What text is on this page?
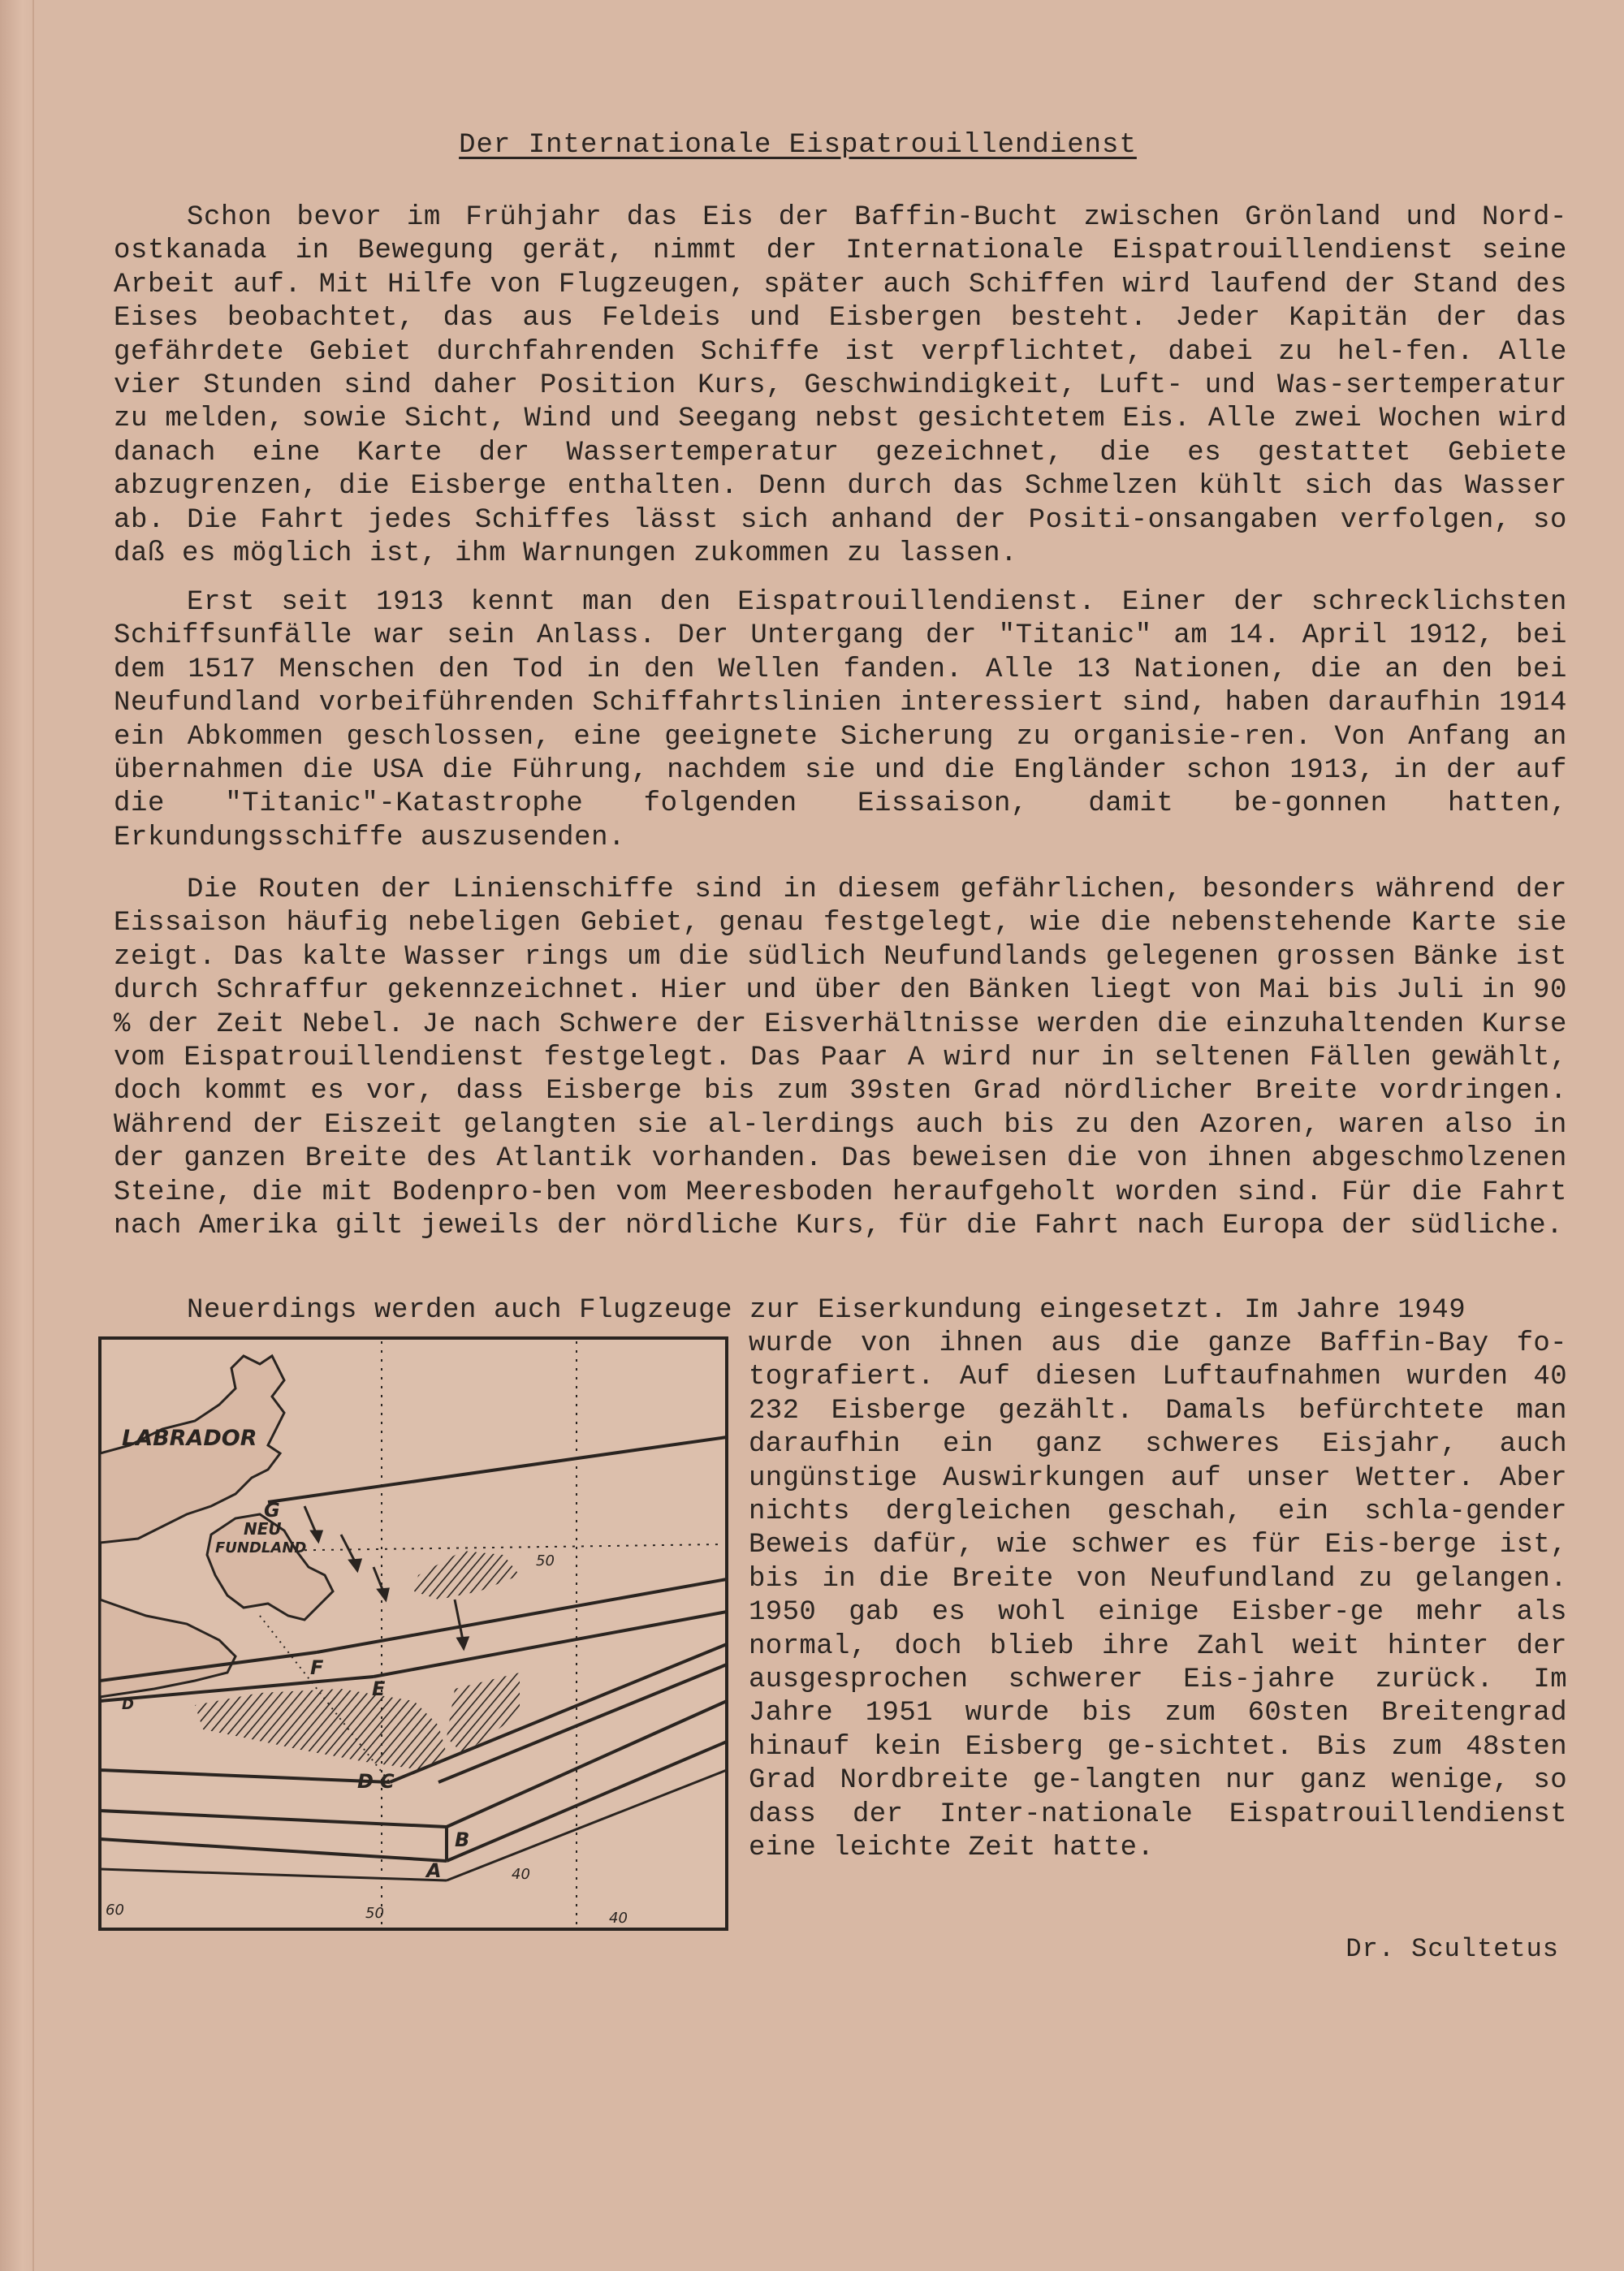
Der Internationale Eispatrouillendienst

Schon bevor im Frühjahr das Eis der Baffin-Bucht zwischen Grönland und Nord-ostkanada in Bewegung gerät, nimmt der Internationale Eispatrouillendienst seine Arbeit auf. Mit Hilfe von Flugzeugen, später auch Schiffen wird laufend der Stand des Eises beobachtet, das aus Feldeis und Eisbergen besteht. Jeder Kapitän der das gefährdete Gebiet durchfahrenden Schiffe ist verpflichtet, dabei zu hel-fen. Alle vier Stunden sind daher Position Kurs, Geschwindigkeit, Luft- und Was-sertemperatur zu melden, sowie Sicht, Wind und Seegang nebst gesichtetem Eis. Alle zwei Wochen wird danach eine Karte der Wassertemperatur gezeichnet, die es gestattet Gebiete abzugrenzen, die Eisberge enthalten. Denn durch das Schmelzen kühlt sich das Wasser ab. Die Fahrt jedes Schiffes lässt sich anhand der Positi-onsangaben verfolgen, so daß es möglich ist, ihm Warnungen zukommen zu lassen.

Erst seit 1913 kennt man den Eispatrouillendienst. Einer der schrecklichsten Schiffsunfälle war sein Anlass. Der Untergang der "Titanic" am 14. April 1912, bei dem 1517 Menschen den Tod in den Wellen fanden. Alle 13 Nationen, die an den bei Neufundland vorbeiführenden Schiffahrtslinien interessiert sind, haben daraufhin 1914 ein Abkommen geschlossen, eine geeignete Sicherung zu organisie-ren. Von Anfang an übernahmen die USA die Führung, nachdem sie und die Engländer schon 1913, in der auf die "Titanic"-Katastrophe folgenden Eissaison, damit be-gonnen hatten, Erkundungsschiffe auszusenden.

Die Routen der Linienschiffe sind in diesem gefährlichen, besonders während der Eissaison häufig nebeligen Gebiet, genau festgelegt, wie die nebenstehende Karte sie zeigt. Das kalte Wasser rings um die südlich Neufundlands gelegenen grossen Bänke ist durch Schraffur gekennzeichnet. Hier und über den Bänken liegt von Mai bis Juli in 90 % der Zeit Nebel. Je nach Schwere der Eisverhältnisse werden die einzuhaltenden Kurse vom Eispatrouillendienst festgelegt. Das Paar A wird nur in seltenen Fällen gewählt, doch kommt es vor, dass Eisberge bis zum 39sten Grad nördlicher Breite vordringen. Während der Eiszeit gelangten sie al-lerdings auch bis zu den Azoren, waren also in der ganzen Breite des Atlantik vorhanden. Das beweisen die von ihnen abgeschmolzenen Steine, die mit Bodenpro-ben vom Meeresboden heraufgeholt worden sind. Für die Fahrt nach Amerika gilt jeweils der nördliche Kurs, für die Fahrt nach Europa der südliche.

Neuerdings werden auch Flugzeuge zur Eiserkundung eingesetzt. Im Jahre 1949

LABRADOR
NEU
FUNDLAND
G
F
E
D C
B
A
D
50
40
60	50	40

wurde von ihnen aus die ganze Baffin-Bay fo-tografiert. Auf diesen Luftaufnahmen wurden 40 232 Eisberge gezählt. Damals befürchtete man daraufhin ein ganz schweres Eisjahr, auch ungünstige Auswirkungen auf unser Wetter. Aber nichts dergleichen geschah, ein schla-gender Beweis dafür, wie schwer es für Eis-berge ist, bis in die Breite von Neufundland zu gelangen. 1950 gab es wohl einige Eisber-ge mehr als normal, doch blieb ihre Zahl weit hinter der ausgesprochen schwerer Eis-jahre zurück. Im Jahre 1951 wurde bis zum 60sten Breitengrad hinauf kein Eisberg ge-sichtet. Bis zum 48sten Grad Nordbreite ge-langten nur ganz wenige, so dass der Inter-nationale Eispatrouillendienst eine leichte Zeit hatte.

Dr. Scultetus
